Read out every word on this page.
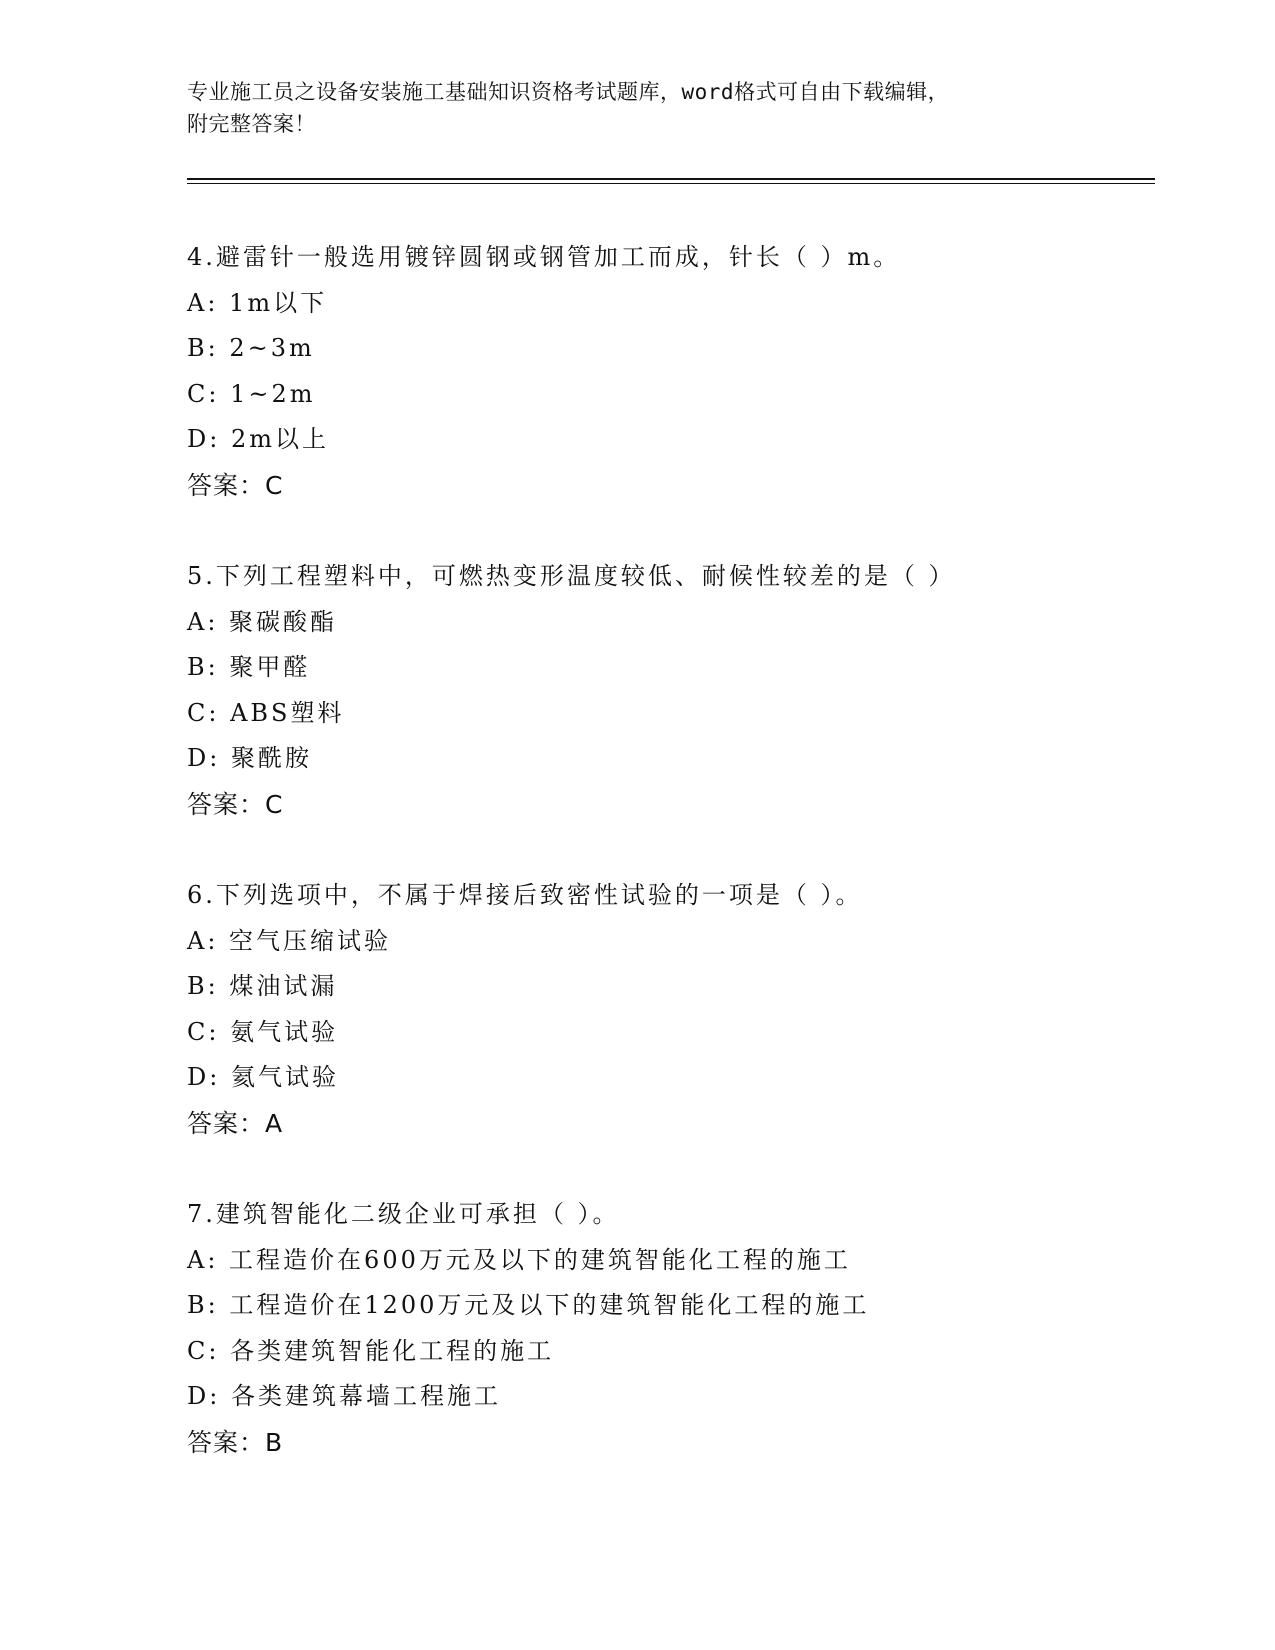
专业施工员之设备安装施工基础知识资格考试题库，word格式可自由下载编辑，
附完整答案！
4.避雷针一般选用镀锌圆钢或钢管加工而成，针长（ ）m。
A: 1m以下
B: 2~3m
C: 1~2m
D: 2m以上
答案：C
5.下列工程塑料中，可燃热变形温度较低、耐候性较差的是（ ）
A: 聚碳酸酯
B: 聚甲醛
C: ABS塑料
D: 聚酰胺
答案：C
6.下列选项中，不属于焊接后致密性试验的一项是（ ）。
A: 空气压缩试验
B: 煤油试漏
C: 氨气试验
D: 氦气试验
答案：A
7.建筑智能化二级企业可承担（ ）。
A: 工程造价在600万元及以下的建筑智能化工程的施工
B: 工程造价在1200万元及以下的建筑智能化工程的施工
C: 各类建筑智能化工程的施工
D: 各类建筑幕墙工程施工
答案：B
